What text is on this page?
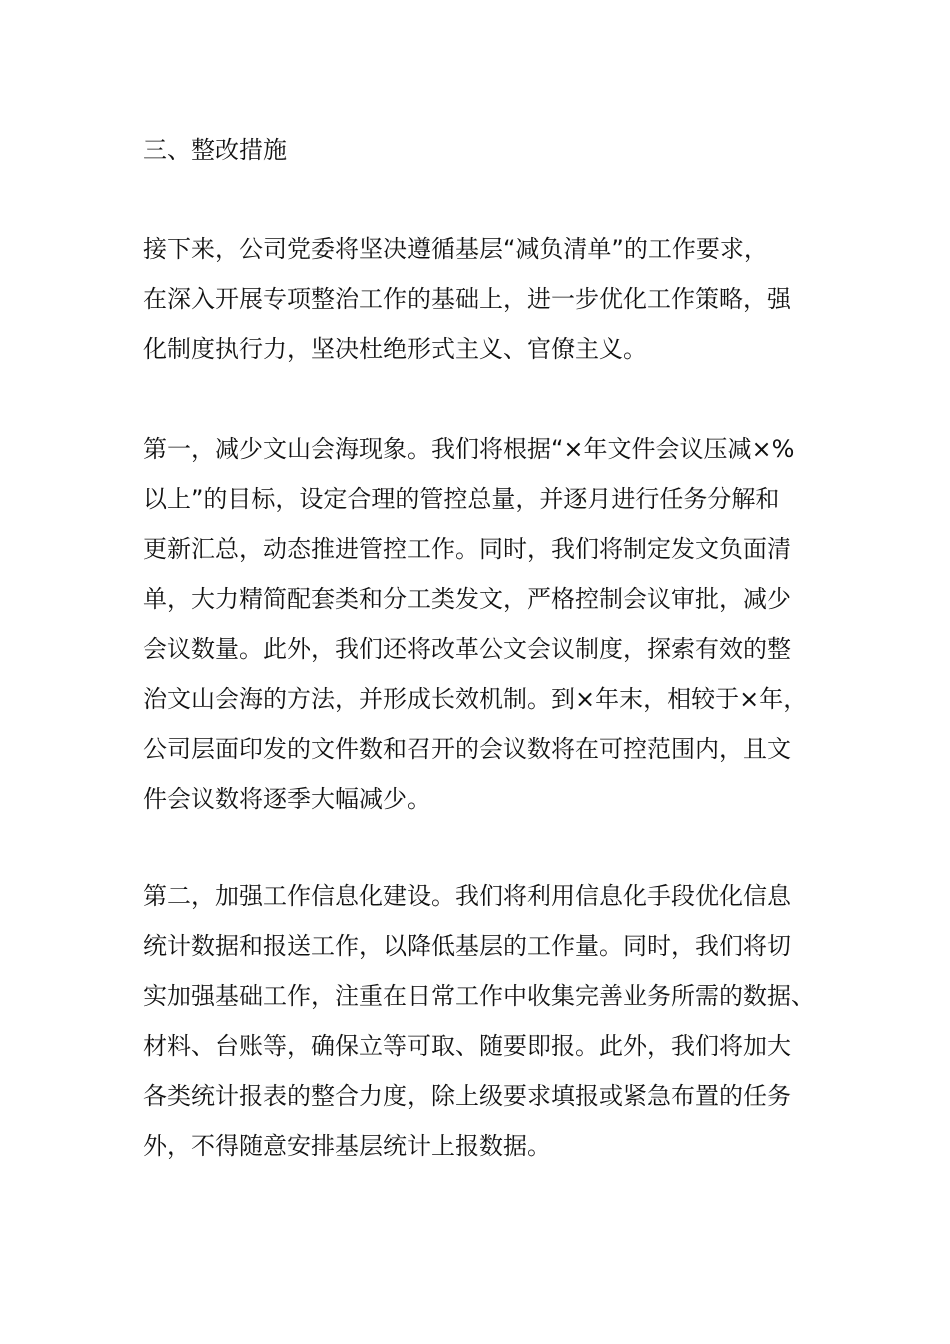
三、整改措施

接下来，公司党委将坚决遵循基层“减负清单”的工作要求，
在深入开展专项整治工作的基础上，进一步优化工作策略，强
化制度执行力，坚决杜绝形式主义、官僚主义。

第一，减少文山会海现象。我们将根据“×年文件会议压减×%
以上”的目标，设定合理的管控总量，并逐月进行任务分解和
更新汇总，动态推进管控工作。同时，我们将制定发文负面清
单，大力精简配套类和分工类发文，严格控制会议审批，减少
会议数量。此外，我们还将改革公文会议制度，探索有效的整
治文山会海的方法，并形成长效机制。到×年末，相较于×年，
公司层面印发的文件数和召开的会议数将在可控范围内，且文
件会议数将逐季大幅减少。

第二，加强工作信息化建设。我们将利用信息化手段优化信息
统计数据和报送工作，以降低基层的工作量。同时，我们将切
实加强基础工作，注重在日常工作中收集完善业务所需的数据、
材料、台账等，确保立等可取、随要即报。此外，我们将加大
各类统计报表的整合力度，除上级要求填报或紧急布置的任务
外，不得随意安排基层统计上报数据。
